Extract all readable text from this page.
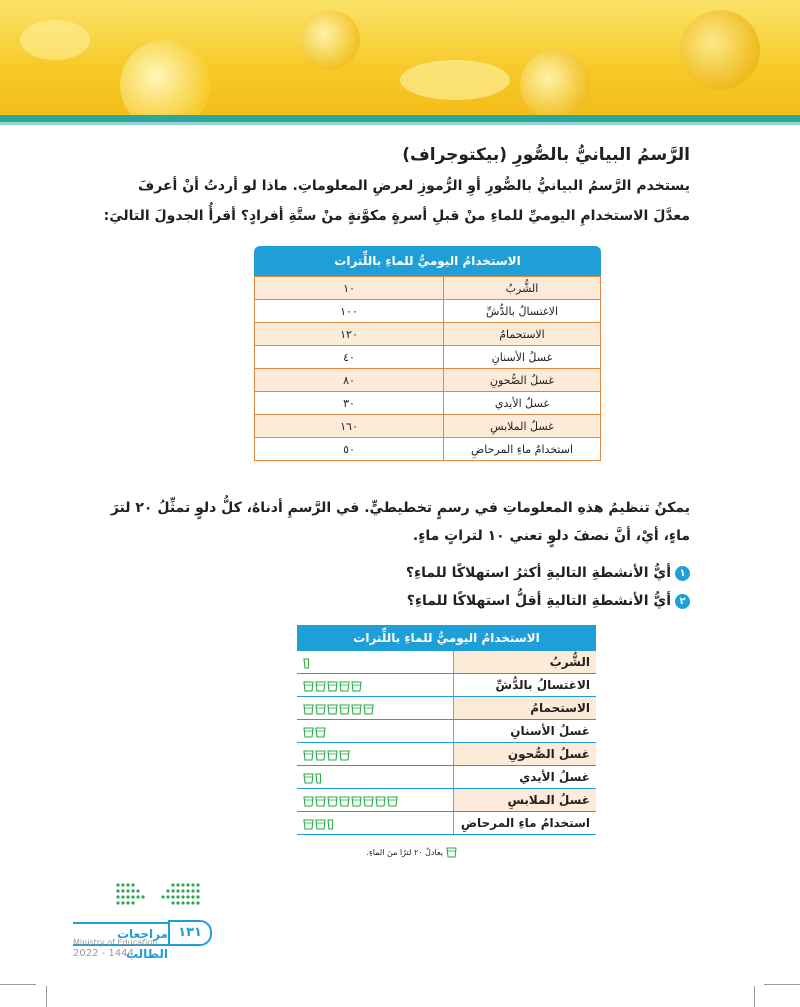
الرَّسمُ البيانيُّ بالصُّورِ (بيكتوجراف)
يستخدم الرَّسمُ البيانيُّ بالصُّورِ أوِ الرُّموزِ لعرضِ المعلوماتِ. ماذا لو أردتُ أنْ أعرفَ
معدَّلَ الاستخدامِ اليوميِّ للماءِ منْ قبلِ أسرةٍ مكوَّنةٍ منْ ستَّةِ أفرادٍ؟ أقرأُ الجدولَ التاليَ:
الاستخدامُ اليوميُّ للماءِ باللِّترات
الشُّربُ	١٠
الاغتسالُ بالدُّشِّ	١٠٠
الاستحمامُ	١٢٠
غسلُ الأسنانِ	٤٠
غسلُ الصُّحونِ	٨٠
غسلُ الأيدي	٣٠
غسلُ الملابسِ	١٦٠
استخدامُ ماءِ المرحاضِ	٥٠
يمكنُ تنظيمُ هذهِ المعلوماتِ في رسمٍ تخطيطيٍّ. في الرَّسمِ أدناهُ، كلُّ دلوٍ تمثِّلُ ٢٠ لترَ
ماءٍ، أيْ، أنَّ نصفَ دلوٍ تعني ١٠ لتراتٍ ماءٍ.
١
أيُّ الأنشطةِ التاليةِ أكثرُ استهلاكًا للماءِ؟
٢
أيُّ الأنشطةِ التاليةِ أقلُّ استهلاكًا للماءِ؟
الاستخدامُ اليوميُّ للماءِ باللِّترات
الشُّربُ	

الاغتسالُ بالدُّشِّ	

الاستحمامُ	

غسلُ الأسنانِ	

غسلُ الصُّحونِ	

غسلُ الأيدي	

غسلُ الملابسِ	

استخدامُ ماءِ المرحاضِ	
يعادلُ ٢٠ لترًا منَ الماءِ.
مراجعات الطالب
Ministry of Education
١٣١
2022 - 1444
